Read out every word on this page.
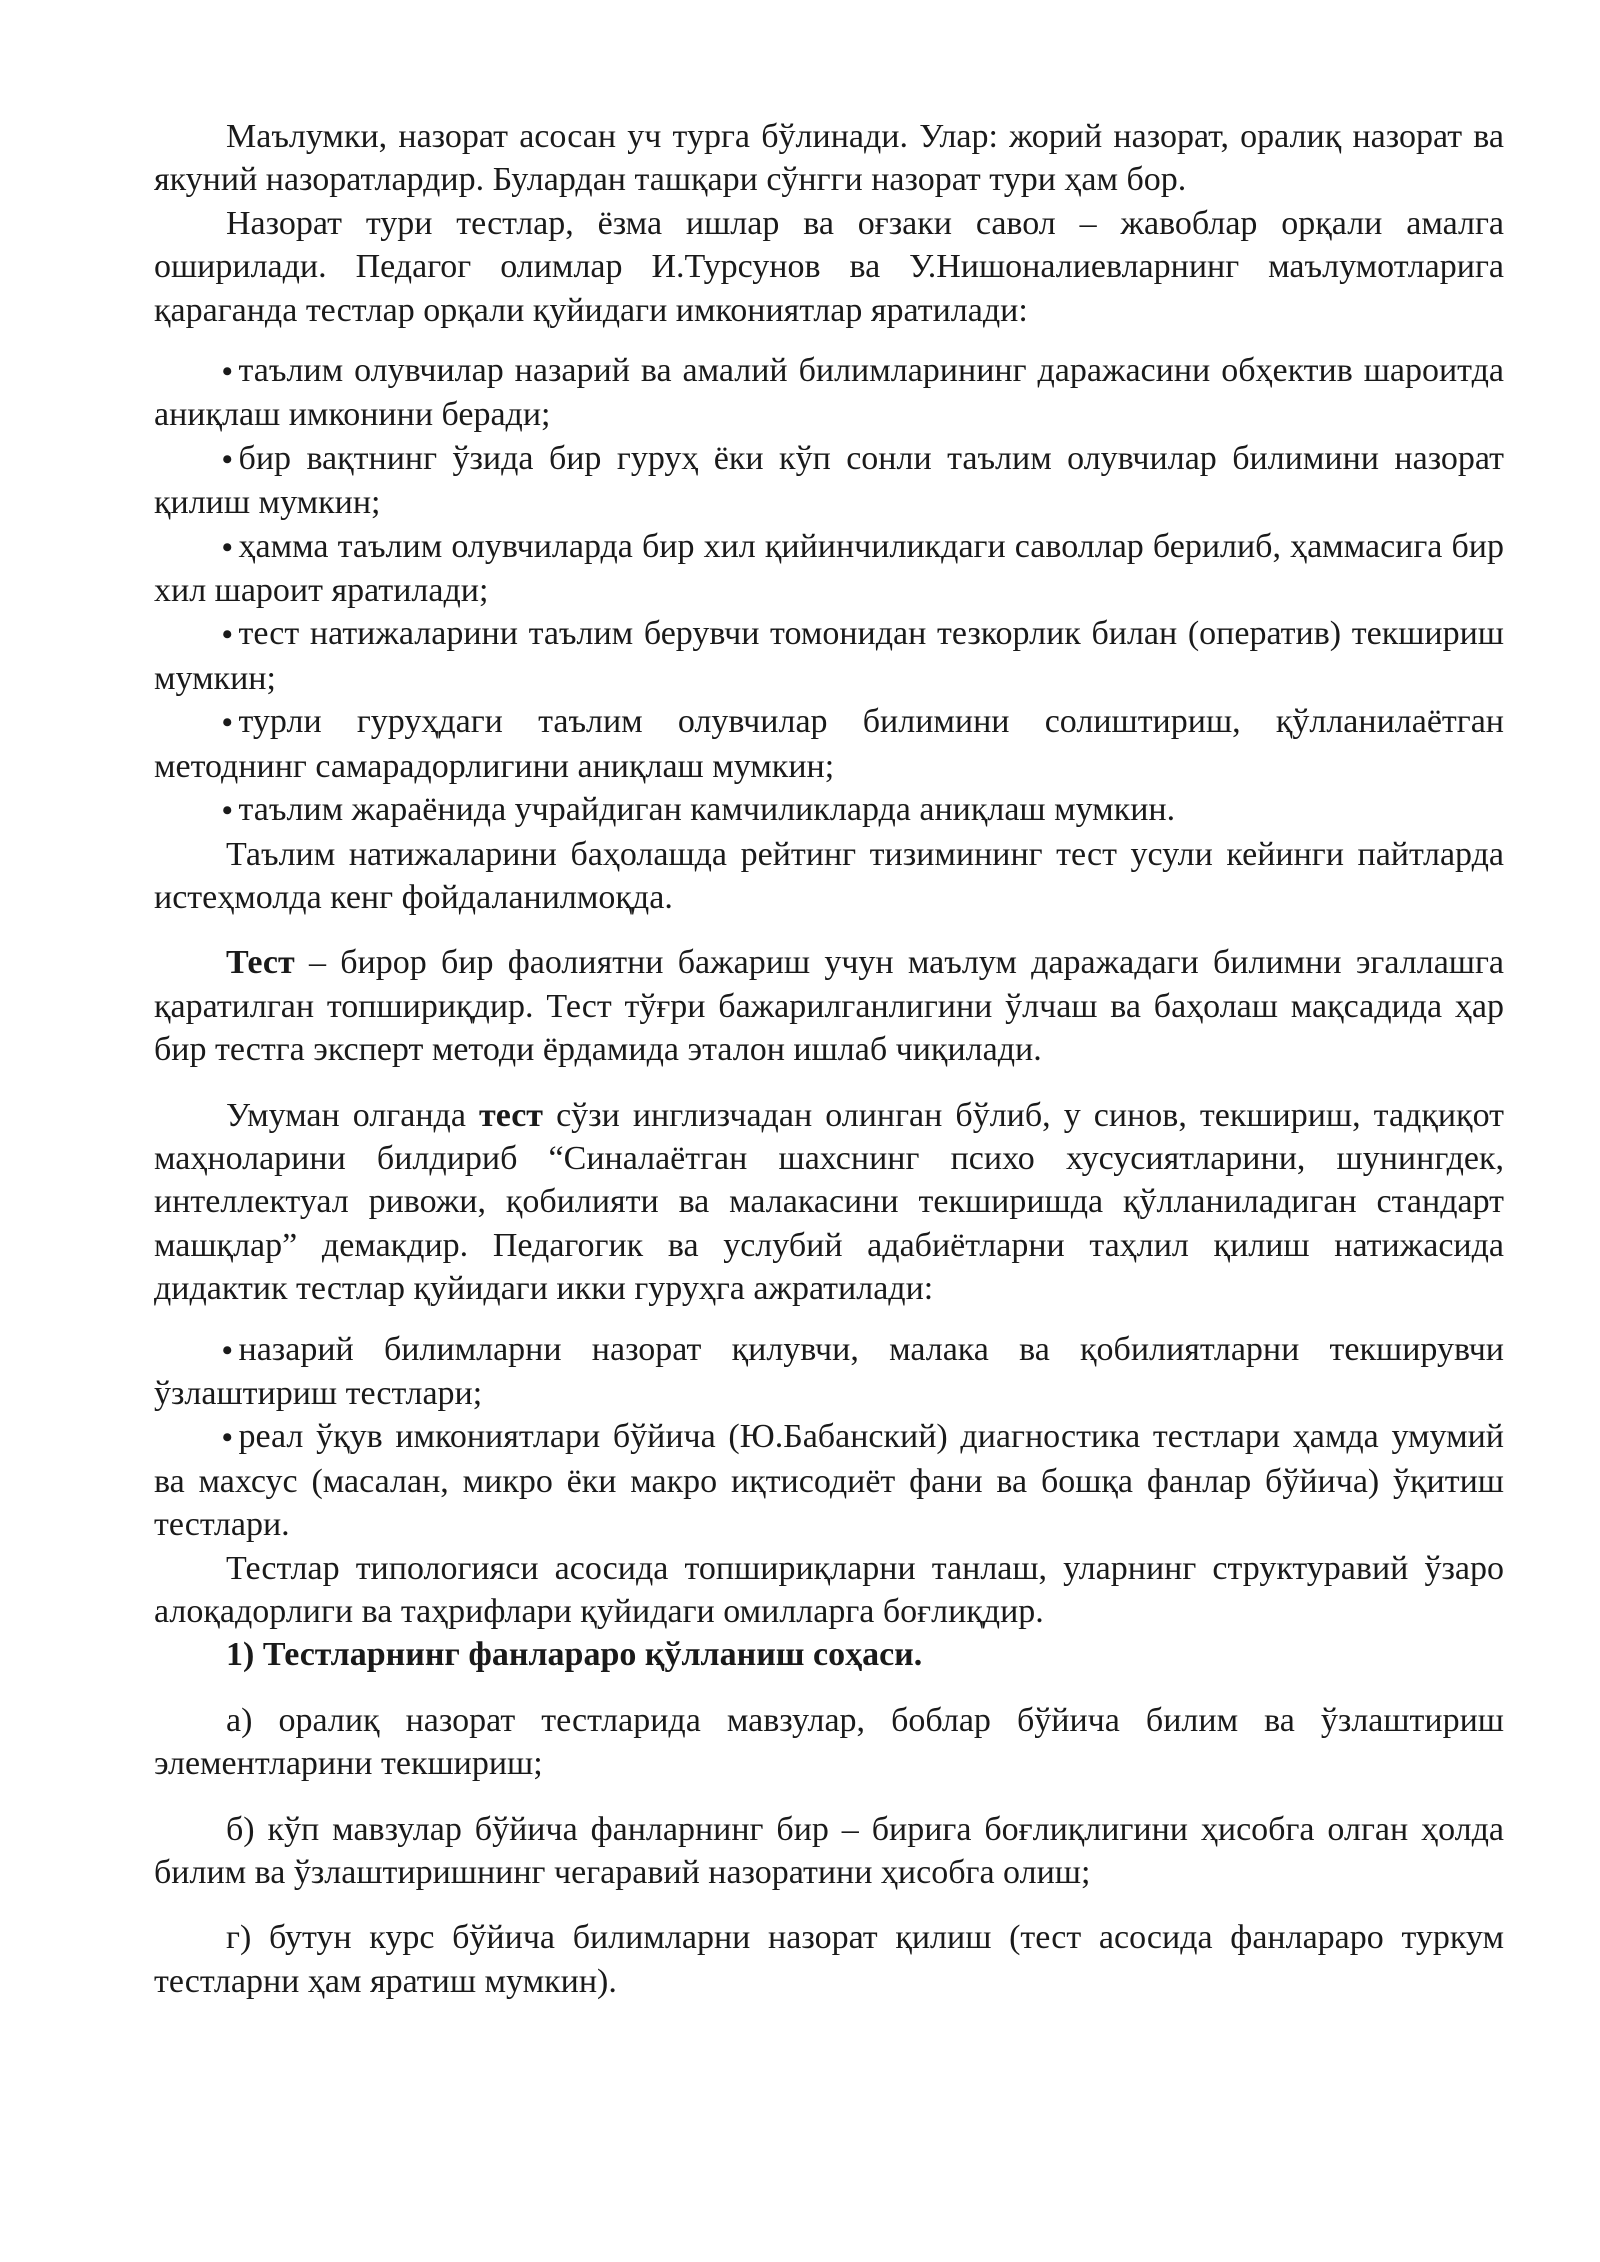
Маълумки, назорат асосан уч турга бўлинади. Улар: жорий назорат, оралиқ назорат ва якуний назоратлардир. Булардан ташқари сўнгги назорат тури ҳам бор.

Назорат тури тестлар, ёзма ишлар ва оғзаки савол – жавоблар орқали амалга оширилади. Педагог олимлар И.Турсунов ва У.Нишоналиевларнинг маълумотларига қараганда тестлар орқали қуйидаги имкониятлар яратилади:

• таълим олувчилар назарий ва амалий билимларининг даражасини обҳектив шароитда аниқлаш имконини беради;

• бир вақтнинг ўзида бир гуруҳ ёки кўп сонли таълим олувчилар билимини назорат қилиш мумкин;

• ҳамма таълим олувчиларда бир хил қийинчиликдаги саволлар берилиб, ҳаммасига бир хил шароит яратилади;

• тест натижаларини таълим берувчи томонидан тезкорлик билан (оператив) текшириш мумкин;

• турли гуруҳдаги таълим олувчилар билимини солиштириш, қўлланилаётган методнинг самарадорлигини аниқлаш мумкин;

• таълим жараёнида учрайдиган камчиликларда аниқлаш мумкин.

Таълим натижаларини баҳолашда рейтинг тизимининг тест усули кейинги пайтларда истеҳмолда кенг фойдаланилмоқда.

Тест – бирор бир фаолиятни бажариш учун маълум даражадаги билимни эгаллашга қаратилган топшириқдир. Тест тўғри бажарилганлигини ўлчаш ва баҳолаш мақсадида ҳар бир тестга эксперт методи ёрдамида эталон ишлаб чиқилади.

Умуман олганда тест сўзи инглизчадан олинган бўлиб, у синов, текшириш, тадқиқот маҳноларини билдириб “Синалаётган шахснинг психо хусусиятларини, шунингдек, интеллектуал ривожи, қобилияти ва малакасини текширишда қўлланиладиган стандарт машқлар” демакдир. Педагогик ва услубий адабиётларни таҳлил қилиш натижасида дидактик тестлар қуйидаги икки гуруҳга ажратилади:

• назарий билимларни назорат қилувчи, малака ва қобилиятларни текширувчи ўзлаштириш тестлари;

• реал ўқув имкониятлари бўйича (Ю.Бабанский) диагностика тестлари ҳамда умумий ва махсус (масалан, микро ёки макро иқтисодиёт фани ва бошқа фанлар бўйича) ўқитиш тестлари.

Тестлар типологияси асосида топшириқларни танлаш, уларнинг структуравий ўзаро алоқадорлиги ва таҳрифлари қуйидаги омилларга боғлиқдир.

1) Тестларнинг фанлараро қўлланиш соҳаси.

а) оралиқ назорат тестларида мавзулар, боблар бўйича билим ва ўзлаштириш элементларини текшириш;

б) кўп мавзулар бўйича фанларнинг бир – бирига боғлиқлигини ҳисобга олган ҳолда билим ва ўзлаштиришнинг чегаравий назоратини ҳисобга олиш;

г) бутун курс бўйича билимларни назорат қилиш (тест асосида фанлараро туркум тестларни ҳам яратиш мумкин).
